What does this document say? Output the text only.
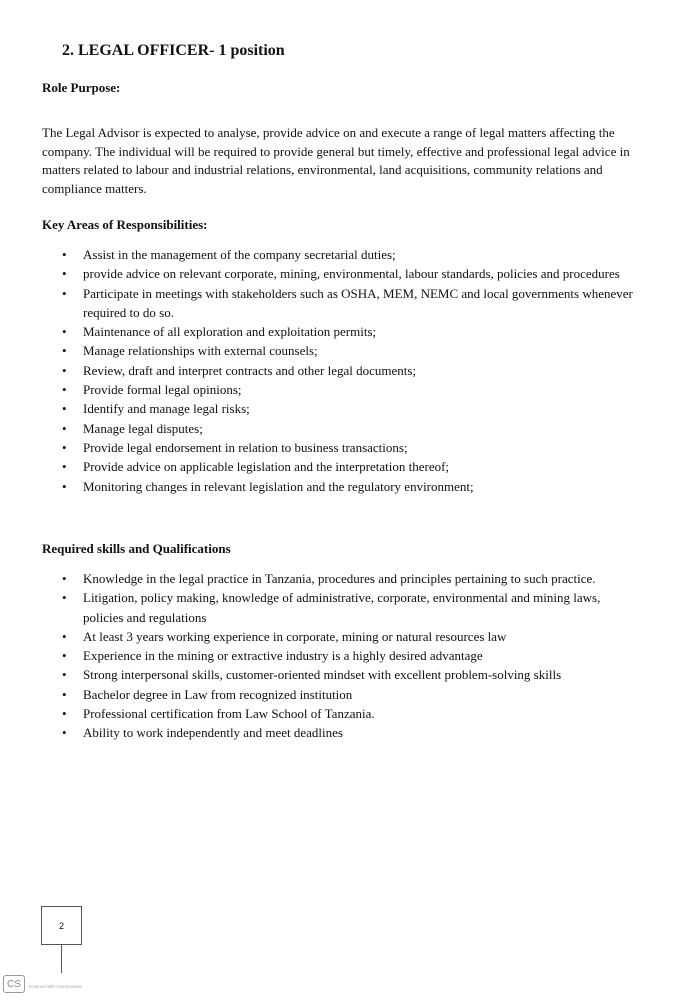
2. LEGAL OFFICER- 1 position
Role Purpose:

The Legal Advisor is expected to analyse, provide advice on and execute a range of legal matters affecting the company. The individual will be required to provide general but timely, effective and professional legal advice in matters related to labour and industrial relations, environmental, land acquisitions, community relations and compliance matters.

Key Areas of Responsibilities:
• Assist in the management of the company secretarial duties;
• provide advice on relevant corporate, mining, environmental, labour standards, policies and procedures
• Participate in meetings with stakeholders such as OSHA, MEM, NEMC and local governments whenever required to do so.
• Maintenance of all exploration and exploitation permits;
• Manage relationships with external counsels;
• Review, draft and interpret contracts and other legal documents;
• Provide formal legal opinions;
• Identify and manage legal risks;
• Manage legal disputes;
• Provide legal endorsement in relation to business transactions;
• Provide advice on applicable legislation and the interpretation thereof;
• Monitoring changes in relevant legislation and the regulatory environment;
Required skills and Qualifications
• Knowledge in the legal practice in Tanzania, procedures and principles pertaining to such practice.
• Litigation, policy making, knowledge of administrative, corporate, environmental and mining laws, policies and regulations
• At least 3 years working experience in corporate, mining or natural resources law
• Experience in the mining or extractive industry is a highly desired advantage
• Strong interpersonal skills, customer-oriented mindset with excellent problem-solving skills
• Bachelor degree in Law from recognized institution
• Professional certification from Law School of Tanzania.
• Ability to work independently and meet deadlines
2
CS	Scanned with CamScanner
